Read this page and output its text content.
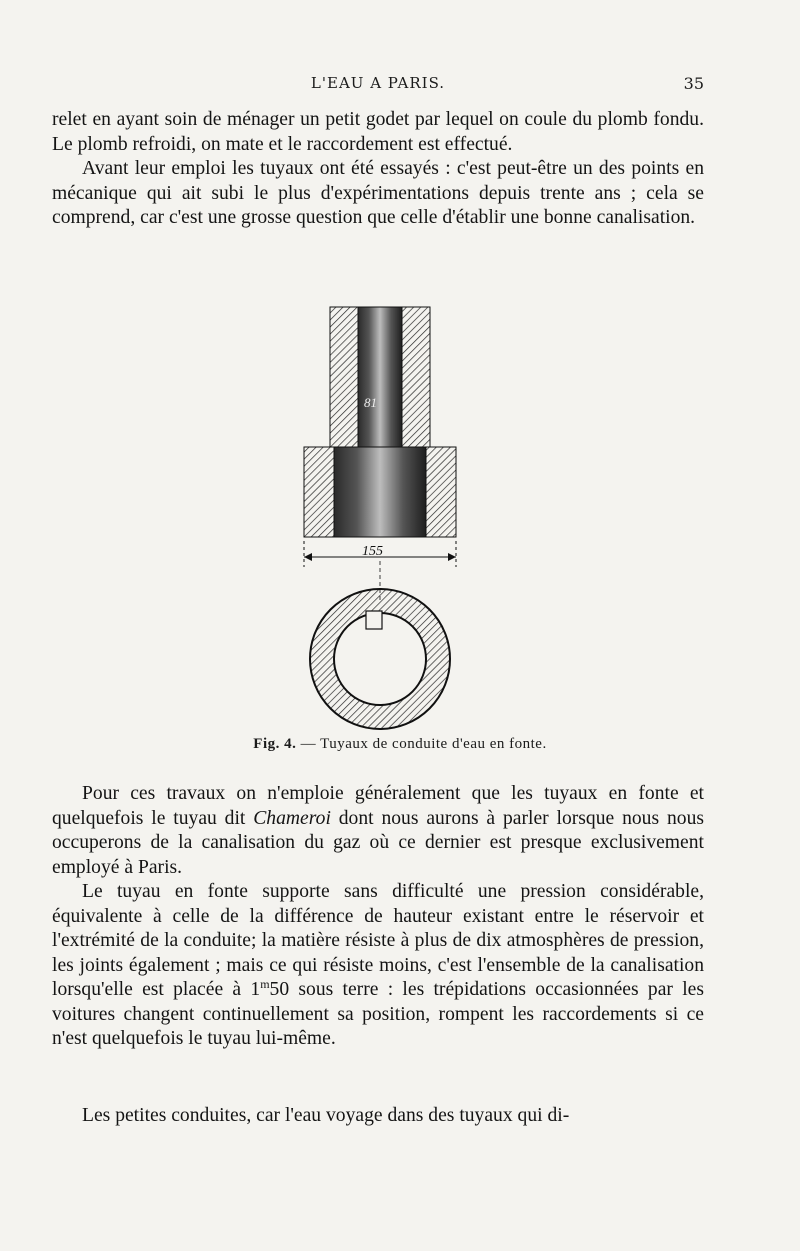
L'EAU A PARIS.	35

relet en ayant soin de ménager un petit godet par lequel on coule du plomb fondu. Le plomb refroidi, on mate et le raccordement est effectué.

Avant leur emploi les tuyaux ont été essayés : c'est peut-être un des points en mécanique qui ait subi le plus d'expérimentations depuis trente ans ; cela se comprend, car c'est une grosse question que celle d'établir une bonne canalisation.

81
155
Fig. 4. — Tuyaux de conduite d'eau en fonte.

Pour ces travaux on n'emploie généralement que les tuyaux en fonte et quelquefois le tuyau dit Chameroi dont nous aurons à parler lorsque nous nous occuperons de la canalisation du gaz où ce dernier est presque exclusivement employé à Paris.

Le tuyau en fonte supporte sans difficulté une pression considérable, équivalente à celle de la différence de hauteur existant entre le réservoir et l'extrémité de la conduite; la matière résiste à plus de dix atmosphères de pression, les joints également ; mais ce qui résiste moins, c'est l'ensemble de la canalisation lorsqu'elle est placée à 1$^m$50 sous terre : les trépidations occasionnées par les voitures changent continuellement sa position, rompent les raccordements si ce n'est quelquefois le tuyau lui-même.

Les petites conduites, car l'eau voyage dans des tuyaux qui di-
